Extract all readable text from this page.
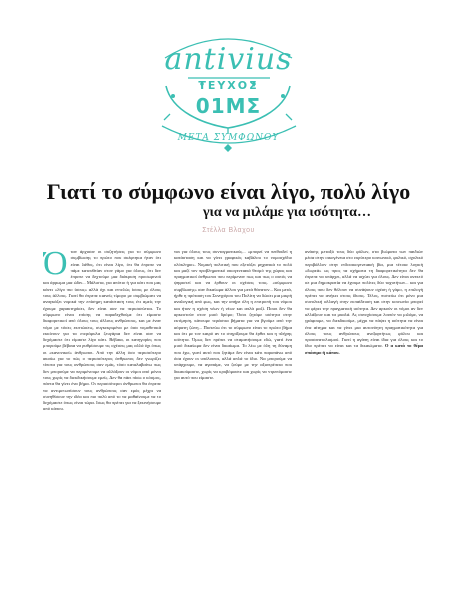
antivius
ΤΕΥΧΟΣ
01ΜΣ
ΜΕΤΑ ΣΥΜΦΩΝΟΥ
Γιατί το σύμφωνο είναι λίγο, πολύ λίγο
για να μιλάμε για ισότητα…
Στέλλα Βλαχου

Όταν άρχισαν οι συζητήσεις για το σύμφωνο συμβίωσης το πρώτο που σκέφτηκα ήταν ότι είναι λάθος, ότι είναι λίγο, ότι θα έπρεπε να πάμε κατευθείαν στον γάμο για όλους, ότι δεν έπρεπε να δεχτούμε μια διάκριση προσωρινού και άρρωμα μια ώδιν... Μάλιστα, για απότιο ή για κάτι που μας κάνει «λίγο πιο ίσους» αλλά όχι και εντελώς ίσους με όλους τους άλλους. Γιατί θα έπρεπε κιανείς τίμορο με συμβιώματι να αναγκάζει νομικά την επίσημη κατάσταση τους έτι αμείς την έχουμε χαρακτηρίσει, δεν είναι σαν να περισσεύεται. Το σύμφωνο είναι επίσης να παραδεχθούμε ότι είμαστε διαφορετικοί από όλους τους άλλους ανθρώπους, και με έναν νόμο με τόσες εκπτώσεις, συγκεκριμένα με όσα νομοθετικά εκκίνουν για τα ετερόφυλα ζευγάρια δεν είναι σαν να δεχόμαστε ότι είμαστε λίγο κάτι. Βέβαια, οι κατηγορίες που μπορούμε βέβαια να ρυθμίσουμε τις σχέσεις μας αλλά όχι όπως οι «κανονικοί» άνθρωποι. Από την άλλη όσο περισσότερο ακούω για το πώς ο περισσότερος άνθρωπος δεν γνωρίζει τίποτα για τους ανθρώπους σαν εμάς, τόσο καταλαβαίνω πως δεν μπορούμε να περιμένουμε να αλλάξουν οι νόμοι από μόνοι τους χωρίς να διεκδικήσουμε εμείς. Δεν θα πάει πίσω ο κόσμος, πάντα θα γίνει ένα βήμα. Οι περισσότεροι άνθρωποι θα έπρεπε να αντιμετωπίσουν τους ανθρώπους σαν εμάς μέχρι να συνηθίσουν την ιδέα και πιο πολύ από το να μαθαίνουμε να το δεχόμαστε όπως είναι τώρα. Ισως θα πρέπει για να ξεκινήσουμε από κάπου.

ναι για όλους τους συνταγματικούς... «μπορεί να πειθοιδεί η κατάσταση και να γίνει γραφικός καβάλου το νομοσχέδιο ολόκληρο». Νομική πολιτική που εξετάζει μηχανικά το πολύ και μαζί τον προβληματικό οικογενειακό θεσμό της χώρας και πραγματικοί άνθρωποι που περίμεναν πως και πως ο αυτός να ψηφιστεί και να έρθουν οι σχέσεις τους. «σύμφωνο συμβίωσης» σαν δικαίωμα άλλου για μετά θάνατον... Και μετά, ήρθε η πρόταση του Συνηγόρου του Πολίτη να δώσει μια μικρή αναλογική από φως, και την απήρε όλη η επιτροπή του νόμου και ήταν η σχέση νέων ή νέων και απλά μαζί. Ποιοι δεν θα αρκεστούν στον μισό δρόμο; Όσοι ζητάμε ισότητα στην εκτίμηση, κάνουμε τεράστια βήματα για να βγούμε από την αόρατη ζώνη... Πιστεύω ότι το σύμφωνο είναι το πρώτο βήμα και ότι με τον καιρό αν το στηρίξουμε θα έρθει και η πλήρης ισότητα. Όμως δεν πρέπει να σταματήσουμε εδώ, γιατί ένα μισό δικαίωμα δεν είναι δικαίωμα. Το λέω με όλη τη δύναμη που έχω, γιατί αυτό που ζητάμε δεν είναι κάτι παραπάνω από όσα έχουν οι υπόλοιποι, αλλά απλά το ίδιο. Να μπορούμε να υπάρχουμε, να αγαπάμε, να ζούμε με την αξιοπρέπεια που δικαιούμαστε, χωρίς να κρυβόμαστε και χωρίς να ντρεπόμαστε για αυτό που είμαστε.

ανάσης μεταξύ τους δύο φύλων, στα βιώματα των παιδιών μέσα στην οικογένεια στο ευρύτερο κοινωνικό, φυλικό, σχολικό περιβάλλον στην ενδοοικογενειακή βία, μια τέτοια λογική «δωρεά» ως προς τα σχήματα τη διαφορετικότητα δεν θα έπρεπε να υπάρχει, αλλά να ισχύει για όλους. Δεν είναι ανεκτό σε μια δημοκρατία να έχουμε πολίτες δύο ταχυτήτων... και για όλους που δεν θέλουν να συνάψουν σχέση ή γάμο, η επιλογή πρέπει να ανήκει στους ίδιους. Τέλος, πιστεύω ότι μόνο μια συνολική αλλαγή στην εκπαίδευση και στην κοινωνία μπορεί να φέρει την πραγματική ισότητα. Δεν αρκούν οι νόμοι αν δεν αλλάξουν και τα μυαλά. Ας συνεχίσουμε λοιπόν να μιλάμε, να γράφουμε, να διεκδικούμε, μέχρι να πάψει η ισότητα να είναι ένα αίτημα και να γίνει μια αυτονόητη πραγματικότητα για όλους τους ανθρώπους ανεξαρτήτως φύλου και προσανατολισμού. Γιατί η αγάπη είναι ίδια για όλους και το ίδιο πρέπει να είναι και τα δικαιώματα. Ο α κατά το θέμα σπάσιμο ή κάπου.
